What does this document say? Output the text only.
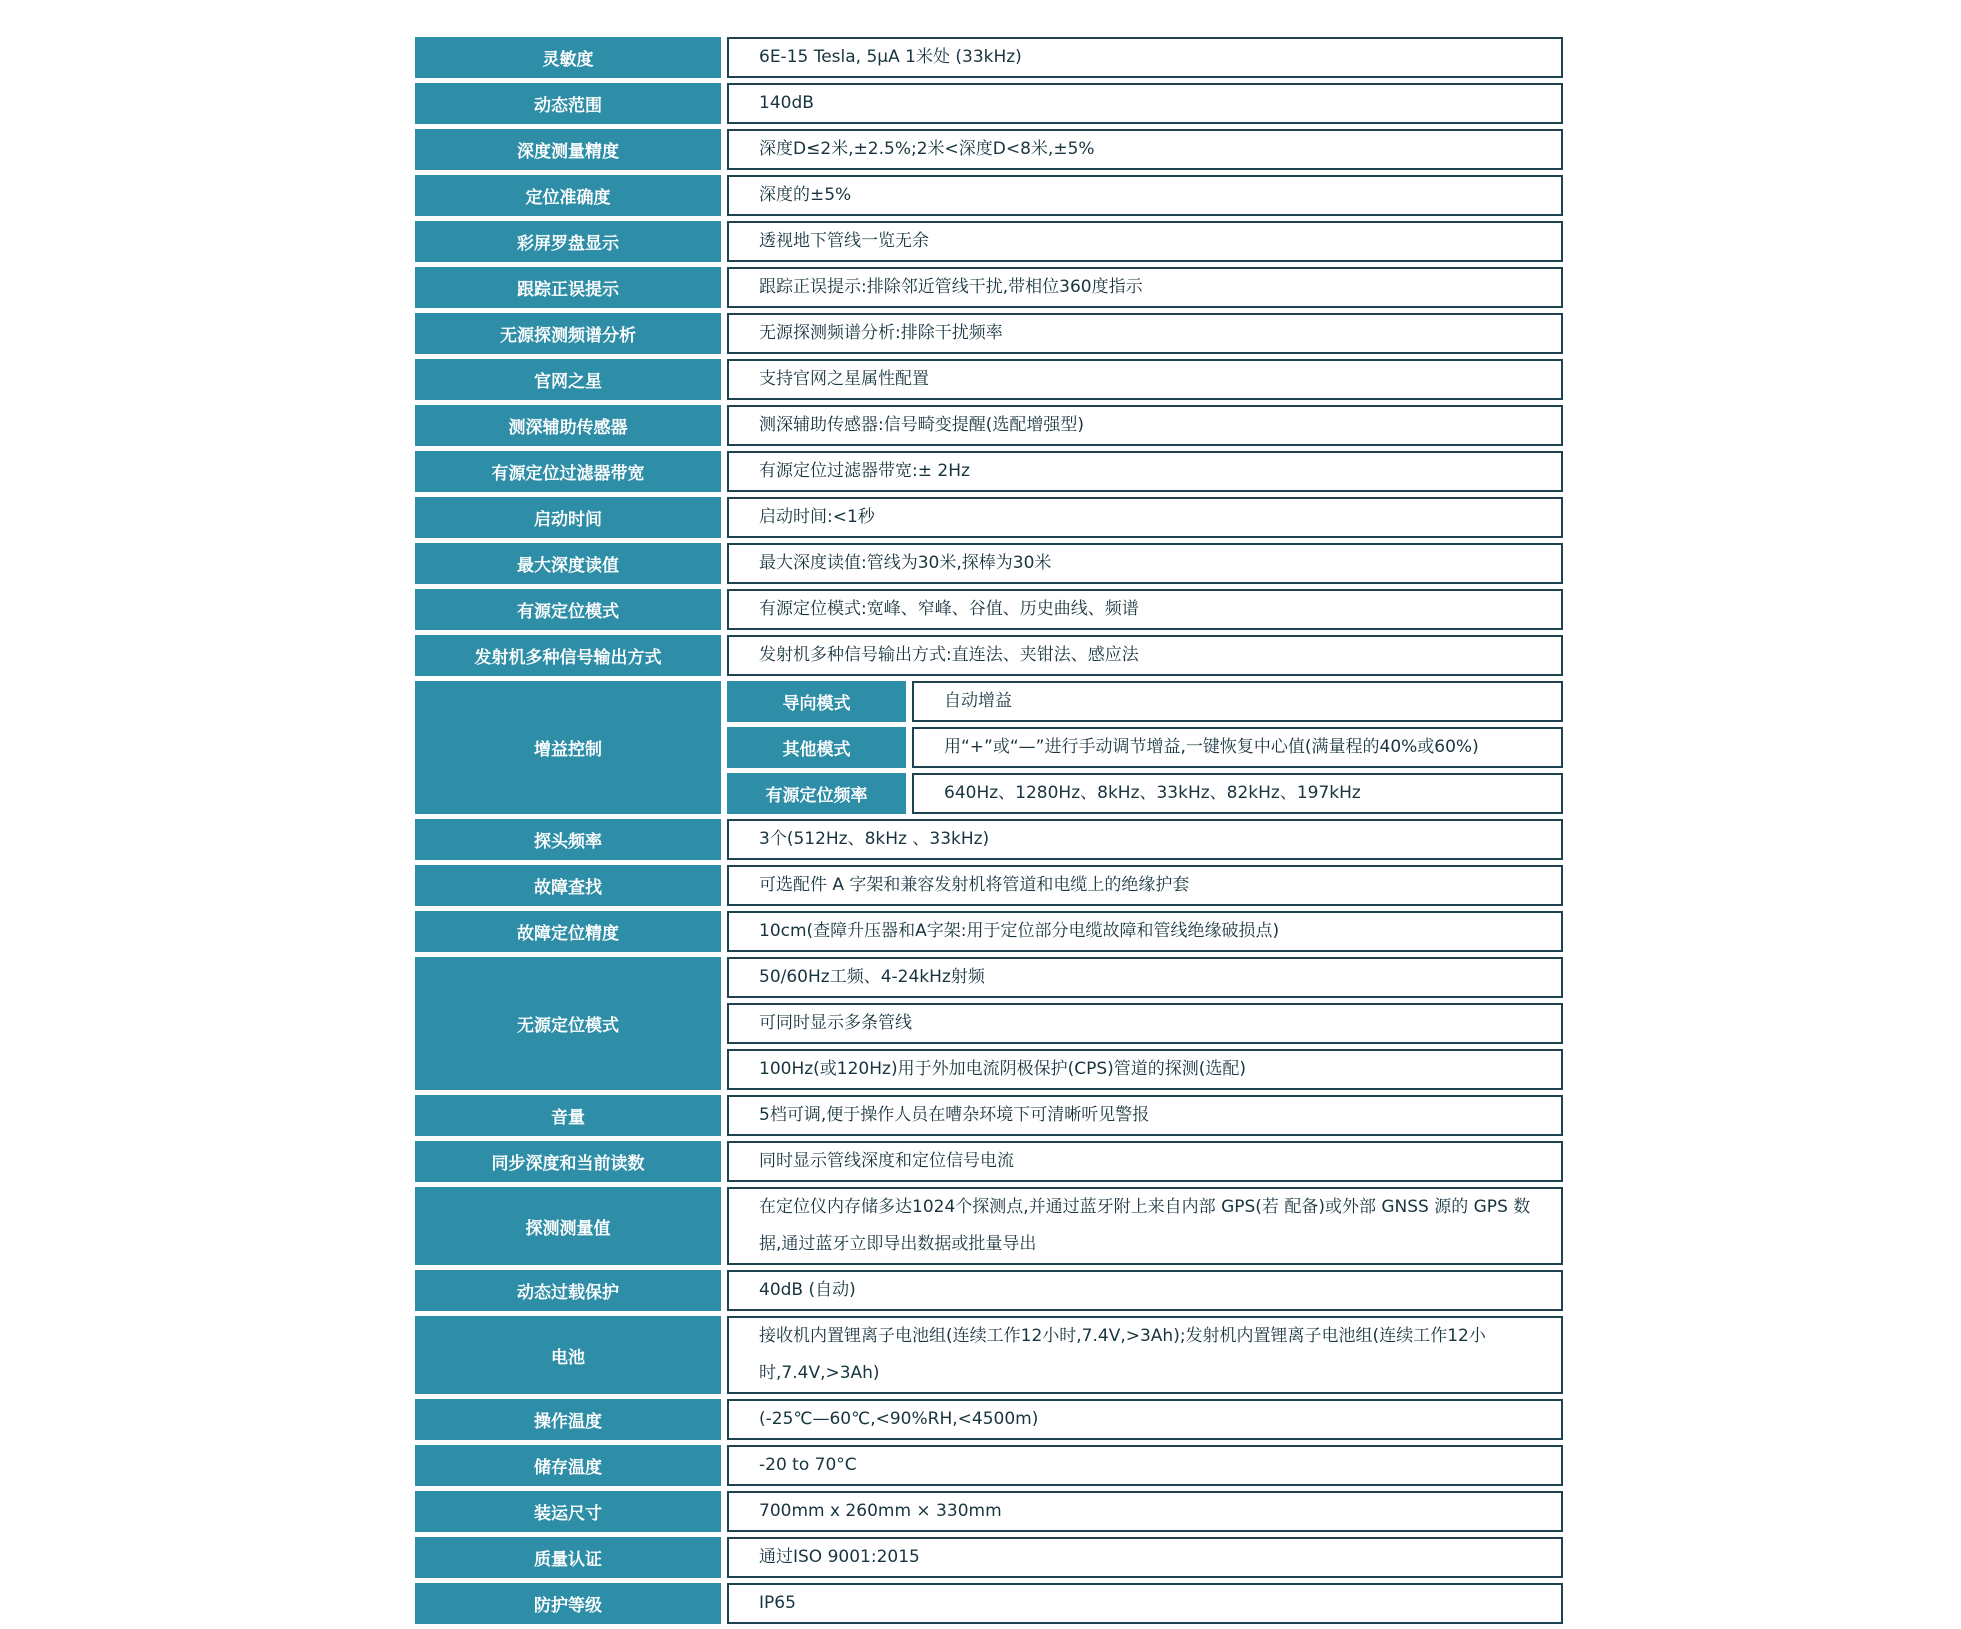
灵敏度	6E-15 Tesla, 5μA 1米处 (33kHz)
动态范围	140dB
深度测量精度	深度D≤2米,±2.5%;2米<深度D<8米,±5%
定位准确度	深度的±5%
彩屏罗盘显示	透视地下管线一览无余
跟踪正误提示	跟踪正误提示:排除邻近管线干扰,带相位360度指示
无源探测频谱分析	无源探测频谱分析:排除干扰频率
官网之星	支持官网之星属性配置
测深辅助传感器	测深辅助传感器:信号畸变提醒(选配增强型)
有源定位过滤器带宽	有源定位过滤器带宽:± 2Hz
启动时间	启动时间:<1秒
最大深度读值	最大深度读值:管线为30米,探棒为30米
有源定位模式	有源定位模式:宽峰、窄峰、谷值、历史曲线、频谱
发射机多种信号输出方式	发射机多种信号输出方式:直连法、夹钳法、感应法
增益控制
导向模式	自动增益
其他模式	用“+”或“—”进行手动调节增益,一键恢复中心值(满量程的40%或60%)
有源定位频率	640Hz、1280Hz、8kHz、33kHz、82kHz、197kHz
探头频率	3个(512Hz、8kHz 、33kHz)
故障查找	可选配件 A 字架和兼容发射机将管道和电缆上的绝缘护套
故障定位精度	10cm(查障升压器和A字架:用于定位部分电缆故障和管线绝缘破损点)
无源定位模式
50/60Hz工频、4-24kHz射频
可同时显示多条管线
100Hz(或120Hz)用于外加电流阴极保护(CPS)管道的探测(选配)
音量	5档可调,便于操作人员在嘈杂环境下可清晰听见警报
同步深度和当前读数	同时显示管线深度和定位信号电流
探测测量值
在定位仪内存储多达1024个探测点,并通过蓝牙附上来自内部 GPS(若 配备)或外部 GNSS 源的 GPS 数据,通过蓝牙立即导出数据或批量导出
动态过载保护	40dB (自动)
电池
接收机内置锂离子电池组(连续工作12小时,7.4V,>3Ah);发射机内置锂离子电池组(连续工作12小时,7.4V,>3Ah)
操作温度	(-25℃—60℃,<90%RH,<4500m)
储存温度	-20 to 70°C
装运尺寸	700mm x 260mm × 330mm
质量认证	通过ISO 9001:2015
防护等级	IP65
